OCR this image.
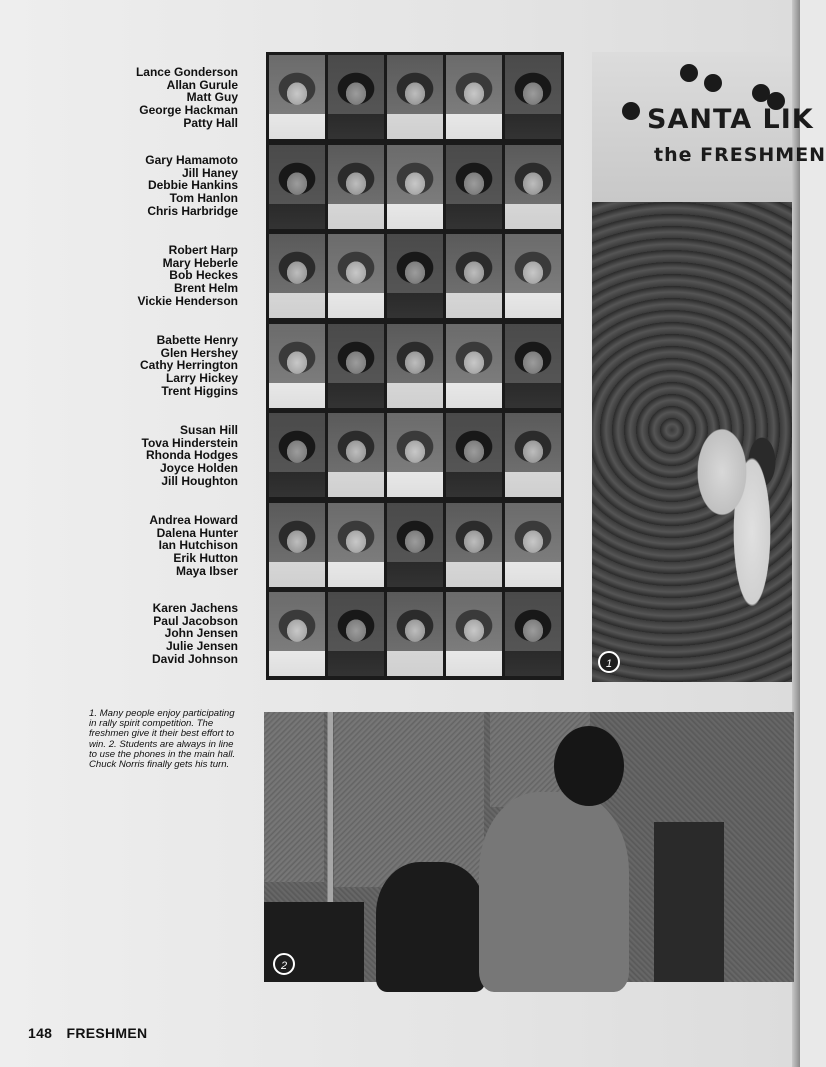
Lance Gonderson
Allan Gurule
Matt Guy
George Hackman
Patty Hall
Gary Hamamoto
Jill Haney
Debbie Hankins
Tom Hanlon
Chris Harbridge
Robert Harp
Mary Heberle
Bob Heckes
Brent Helm
Vickie Henderson
Babette Henry
Glen Hershey
Cathy Herrington
Larry Hickey
Trent Higgins
Susan Hill
Tova Hinderstein
Rhonda Hodges
Joyce Holden
Jill Houghton
Andrea Howard
Dalena Hunter
Ian Hutchison
Erik Hutton
Maya Ibser
Karen Jachens
Paul Jacobson
John Jensen
Julie Jensen
David Johnson
SANTA LIK
the FRESHMEN
1
1. Many people enjoy participating in rally spirit competition. The freshmen give it their best effort to win. 2. Students are always in line to use the phones in the main hall. Chuck Norris finally gets his turn.
2
148 FRESHMEN
